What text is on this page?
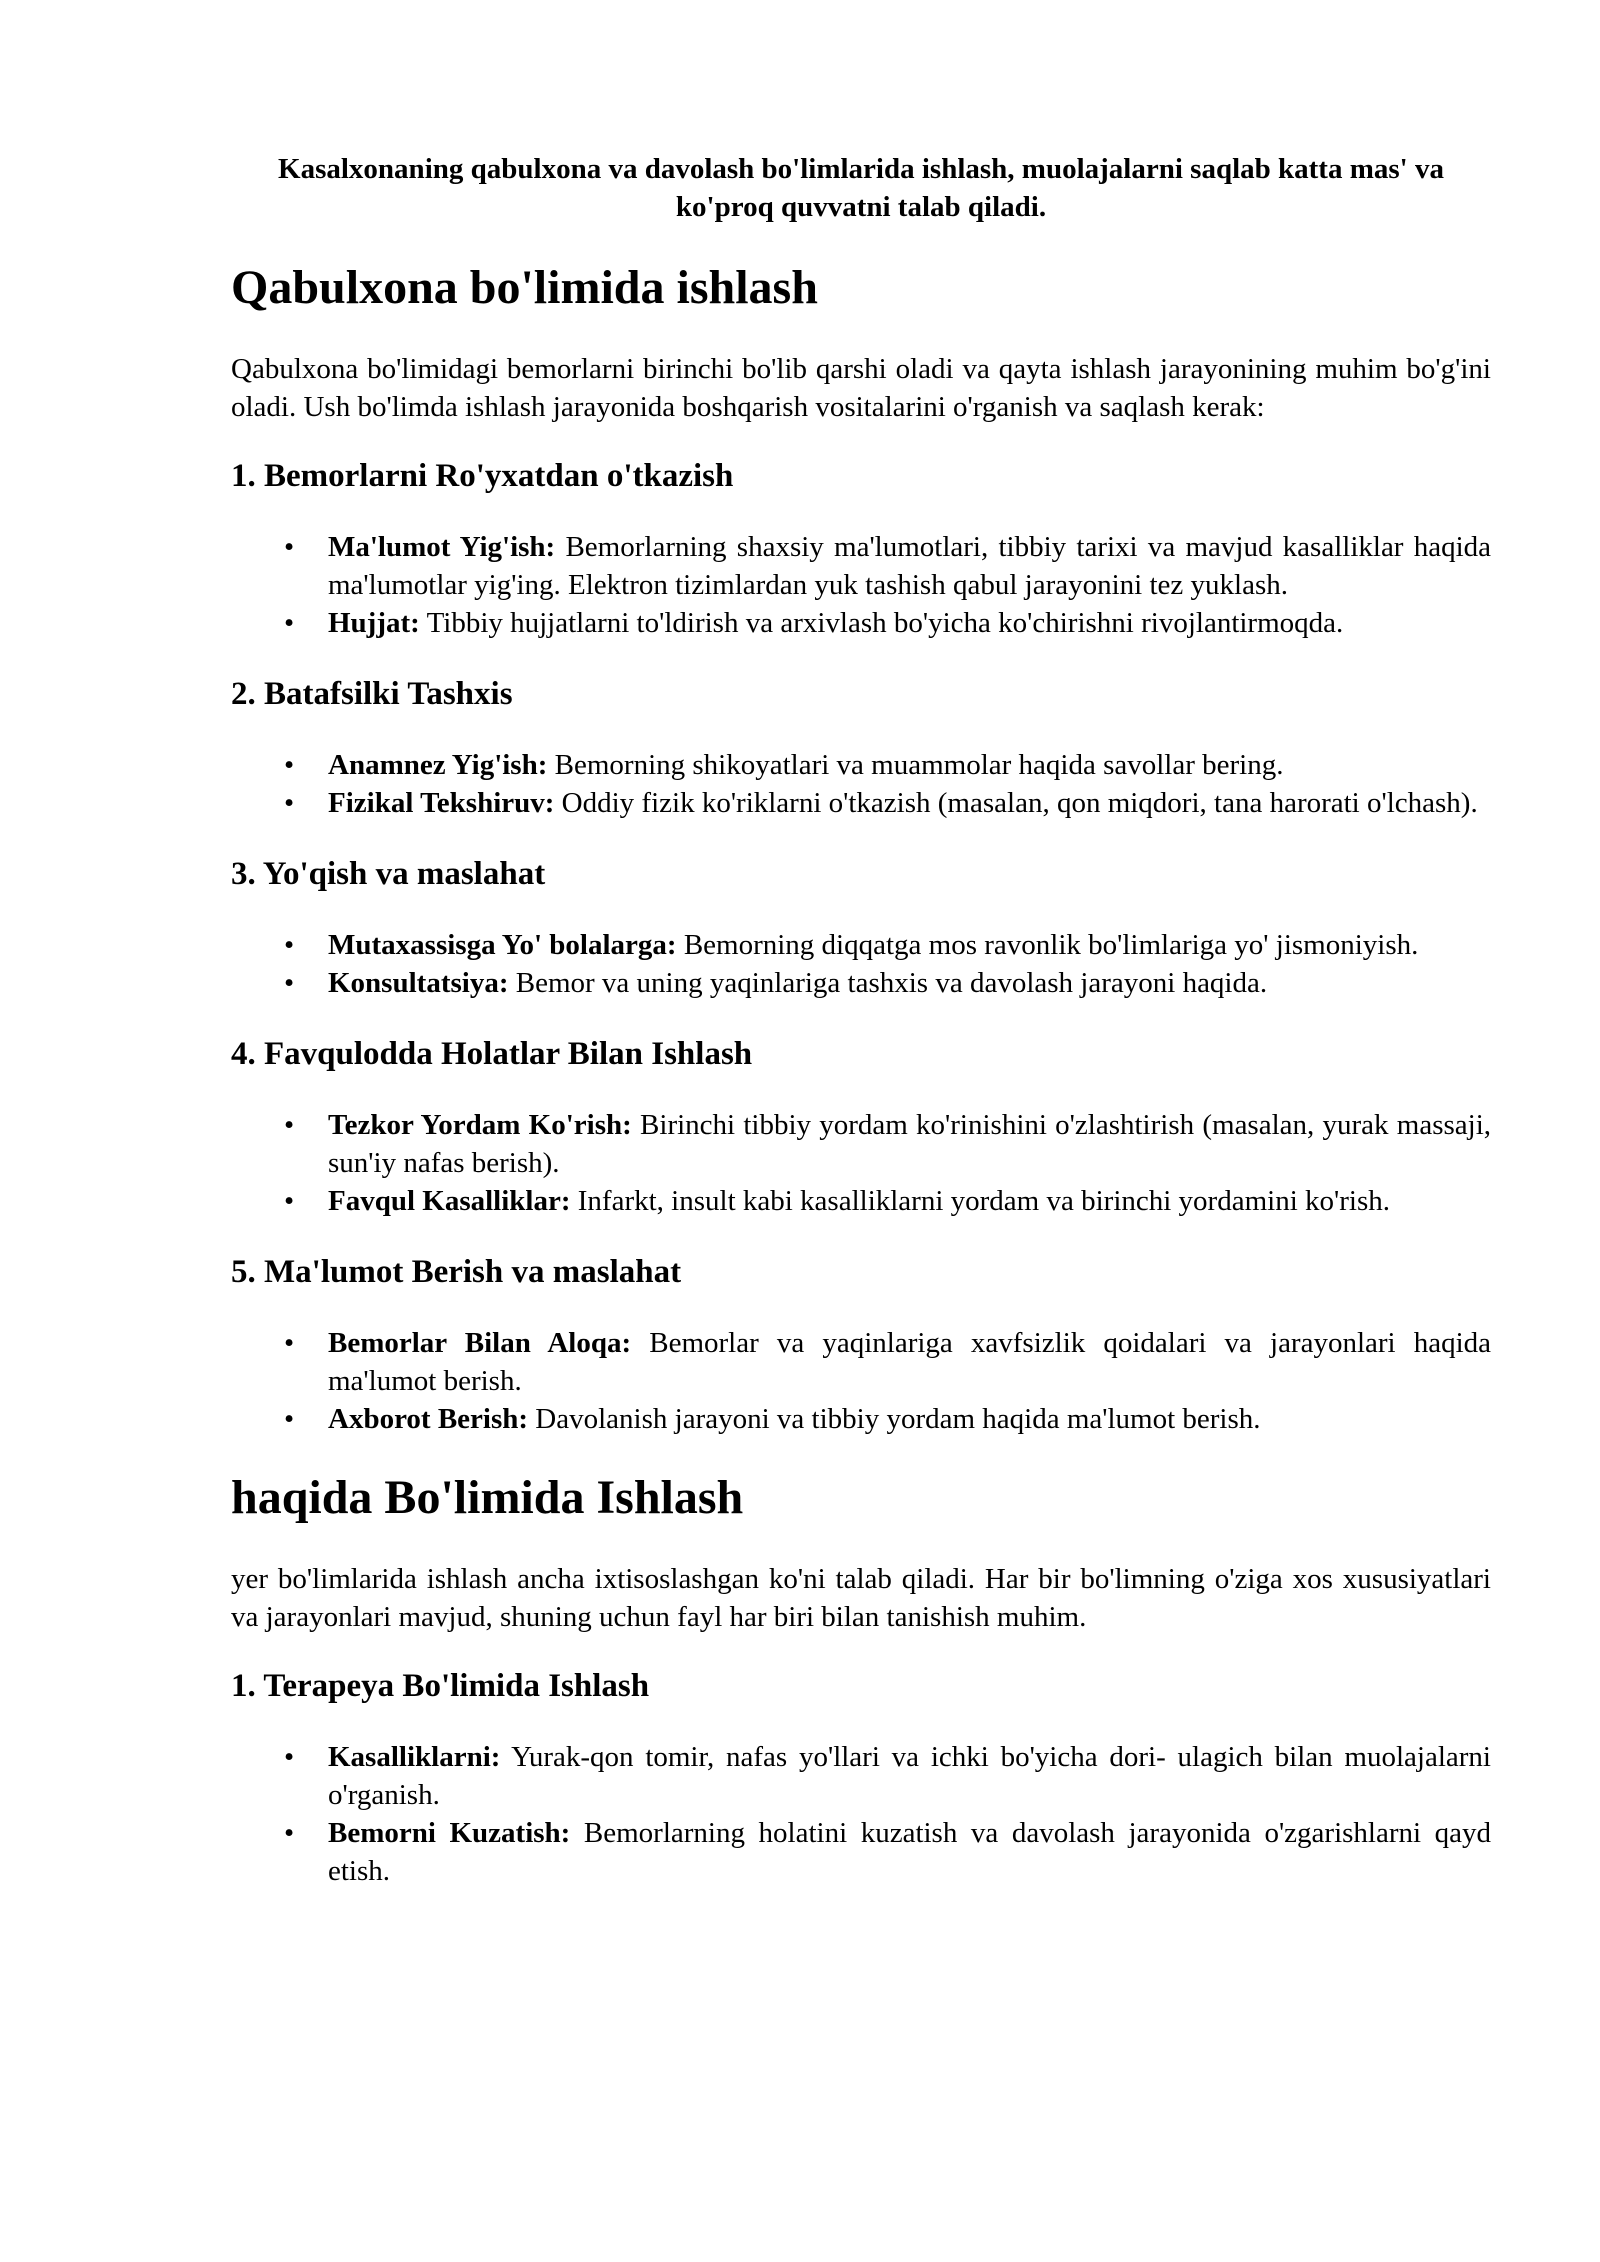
Kasalxonaning qabulxona va davolash bo'limlarida ishlash, muolajalarni saqlab katta mas' va ko'proq quvvatni talab qiladi.

Qabulxona bo'limida ishlash

Qabulxona bo'limidagi bemorlarni birinchi bo'lib qarshi oladi va qayta ishlash jarayonining muhim bo'g'ini oladi. Ush bo'limda ishlash jarayonida boshqarish vositalarini o'rganish va saqlash kerak:

1. Bemorlarni Ro'yxatdan o'tkazish
• Ma'lumot Yig'ish: Bemorlarning shaxsiy ma'lumotlari, tibbiy tarixi va mavjud kasalliklar haqida ma'lumotlar yig'ing. Elektron tizimlardan yuk tashish qabul jarayonini tez yuklash.
• Hujjat: Tibbiy hujjatlarni to'ldirish va arxivlash bo'yicha ko'chirishni rivojlantirmoqda.
2. Batafsilki Tashxis
• Anamnez Yig'ish: Bemorning shikoyatlari va muammolar haqida savollar bering.
• Fizikal Tekshiruv: Oddiy fizik ko'riklarni o'tkazish (masalan, qon miqdori, tana harorati o'lchash).
3. Yo'qish va maslahat
• Mutaxassisga Yo' bolalarga: Bemorning diqqatga mos ravonlik bo'limlariga yo' jismoniyish.
• Konsultatsiya: Bemor va uning yaqinlariga tashxis va davolash jarayoni haqida.
4. Favqulodda Holatlar Bilan Ishlash
• Tezkor Yordam Ko'rish: Birinchi tibbiy yordam ko'rinishini o'zlashtirish (masalan, yurak massaji, sun'iy nafas berish).
• Favqul Kasalliklar: Infarkt, insult kabi kasalliklarni yordam va birinchi yordamini ko'rish.
5. Ma'lumot Berish va maslahat
• Bemorlar Bilan Aloqa: Bemorlar va yaqinlariga xavfsizlik qoidalari va jarayonlari haqida ma'lumot berish.
• Axborot Berish: Davolanish jarayoni va tibbiy yordam haqida ma'lumot berish.
haqida Bo'limida Ishlash

yer bo'limlarida ishlash ancha ixtisoslashgan ko'ni talab qiladi. Har bir bo'limning o'ziga xos xususiyatlari va jarayonlari mavjud, shuning uchun fayl har biri bilan tanishish muhim.

1. Terapeya Bo'limida Ishlash
• Kasalliklarni: Yurak-qon tomir, nafas yo'llari va ichki bo'yicha dori- ulagich bilan muolajalarni o'rganish.
• Bemorni Kuzatish: Bemorlarning holatini kuzatish va davolash jarayonida o'zgarishlarni qayd etish.
